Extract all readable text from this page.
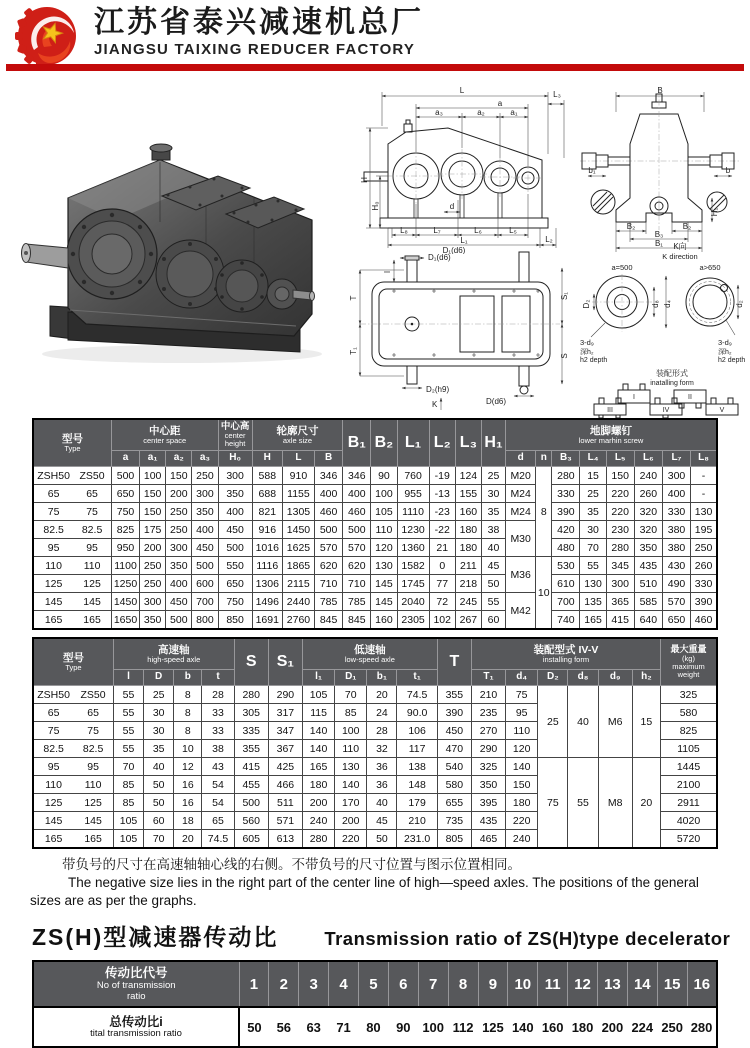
江苏省泰兴减速机总厂
JIANGSU TAIXING REDUCER FACTORY
L
a
a₃	a₂	a₁
L₃
H
H₀
L₈	L₇	L₆	L₅
L₁	L₂
d
D₁(d6)
B
b₁	b
B₂	B₂
B₃
B₁
H₁
D₁(d6)
l
T
T₁
S₁
S
D₂(h9)
K	D(d6)
K向
K direction
a=500
D₂	d₈ d₄
3-d₉
深h₂
h2 depth
a>650
d₂
3-d₉
深h₂
h2 depth
装配形式
inatalling form
I	II
III	IV	V
型号
Type

中心距
center space

中心高
center
height

轮廓尺寸
axle size	B₁	B₂	L₁	L₂	L₃	H₁	
地脚螺钉
lower marhin screw

		a	a₁	a₂	a₃	H₀	H	L	B							d	n	B₃	L₄	L₅	L₆	L₇	L₈
ZSH50	ZS50	500	100	150	250	300	588	910	346	346	90	760	-19	124	25	M20	8	280	15	150	240	300	-
65	65	650	150	200	300	350	688	1155	400	400	100	955	-13	155	30	M24		330	25	220	260	400	-
75	75	750	150	250	350	400	821	1305	460	460	105	1110	-23	160	35	M24		390	35	220	320	330	130
82.5	82.5	825	175	250	400	450	916	1450	500	500	110	1230	-22	180	38	M30		420	30	230	320	380	195
95	95	950	200	300	450	500	1016	1625	570	570	120	1360	21	180	40			480	70	280	350	380	250
110	110	1100	250	350	500	550	1116	1865	620	620	130	1582	0	211	45	M36	10	530	55	345	435	430	260
125	125	1250	250	400	600	650	1306	2115	710	710	145	1745	77	218	50			610	130	300	510	490	330
145	145	1450	300	450	700	750	1496	2440	785	785	145	2040	72	245	55	M42		700	135	365	585	570	390
165	165	1650	350	500	800	850	1691	2760	845	845	160	2305	102	267	60			740	165	415	640	650	460
型号
Type

高速轴
high-speed axle	S	S₁	
低速轴
low-speed axle	T	
装配型式 IV-V
installing form

最大重量
(kg)
maximum
weight

		l	D	b	t			l₁	D₁	b₁	t₁		T₁	d₄	D₂	d₈	d₉	h₂	
ZSH50	ZS50	55	25	8	28	280	290	105	70	20	74.5	355	210	75	25	40	M6	15	325
65	65	55	30	8	33	305	317	115	85	24	90.0	390	235	95					580
75	75	55	30	8	33	335	347	140	100	28	106	450	270	110					825
82.5	82.5	55	35	10	38	355	367	140	110	32	117	470	290	120					1105
95	95	70	40	12	43	415	425	165	130	36	138	540	325	140	75	55	M8	20	1445
110	110	85	50	16	54	455	466	180	140	36	148	580	350	150					2100
125	125	85	50	16	54	500	511	200	170	40	179	655	395	180					2911
145	145	105	60	18	65	560	571	240	200	45	210	735	435	220					4020
165	165	105	70	20	74.5	605	613	280	220	50	231.0	805	465	240					5720
带负号的尺寸在高速轴轴心线的右侧。不带负号的尺寸位置与图示位置相同。
The negative size lies in the right part of the center line of high—speed axles. The positions of the general sizes are as per the graphs.
ZS(H)型减速器传动比 Transmission ratio of ZS(H)type decelerator
传动比代号
No of transmission
ratio	1	2	3	4	5	6	7	8	9	10	11	12	13	14	15	16

总传动比i
tital transmission ratio	50	56	63	71	80	90	100	112	125	140	160	180	200	224	250	280
